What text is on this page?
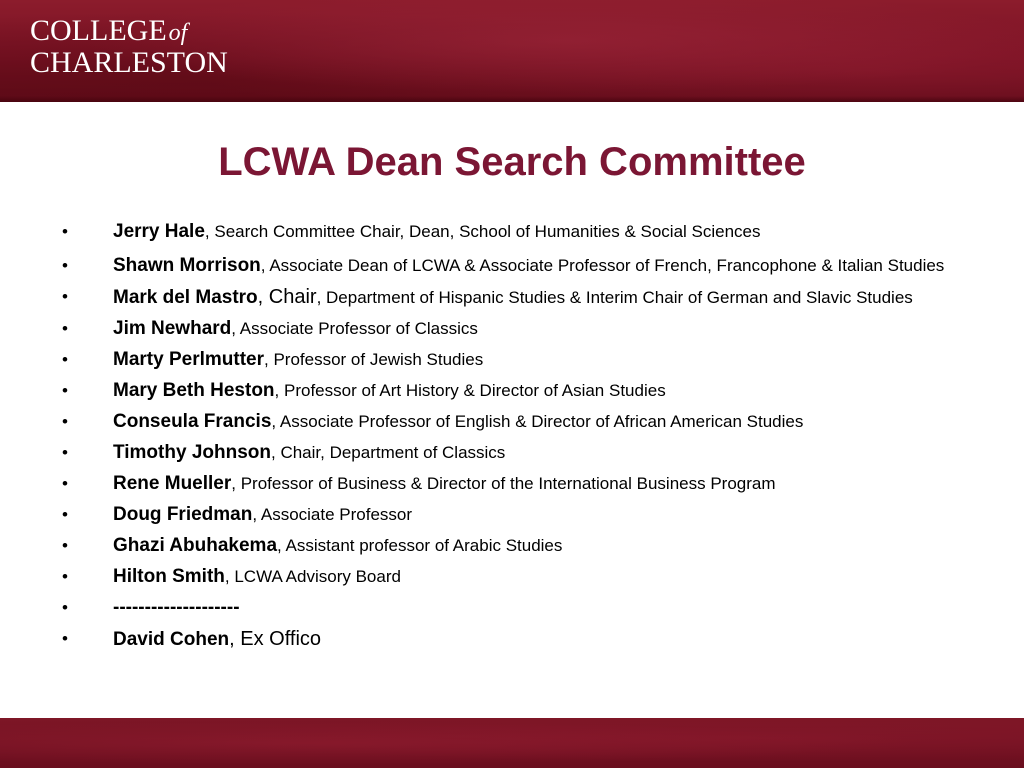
COLLEGEof
CHARLESTON
LCWA Dean Search Committee
• Jerry Hale, Search Committee Chair, Dean, School of Humanities & Social Sciences
• Shawn Morrison, Associate Dean of LCWA & Associate Professor of French, Francophone & Italian Studies
• Mark del Mastro, Chair, Department of Hispanic Studies & Interim Chair of German and Slavic Studies
• Jim Newhard, Associate Professor of Classics
• Marty Perlmutter, Professor of Jewish Studies
• Mary Beth Heston, Professor of Art History & Director of Asian Studies
• Conseula Francis, Associate Professor of English & Director of African American Studies
• Timothy Johnson, Chair, Department of Classics
• Rene Mueller, Professor of Business & Director of the International Business Program
• Doug Friedman, Associate Professor
• Ghazi Abuhakema, Assistant professor of Arabic Studies
• Hilton Smith, LCWA Advisory Board
• --------------------
• David Cohen, Ex Offico
